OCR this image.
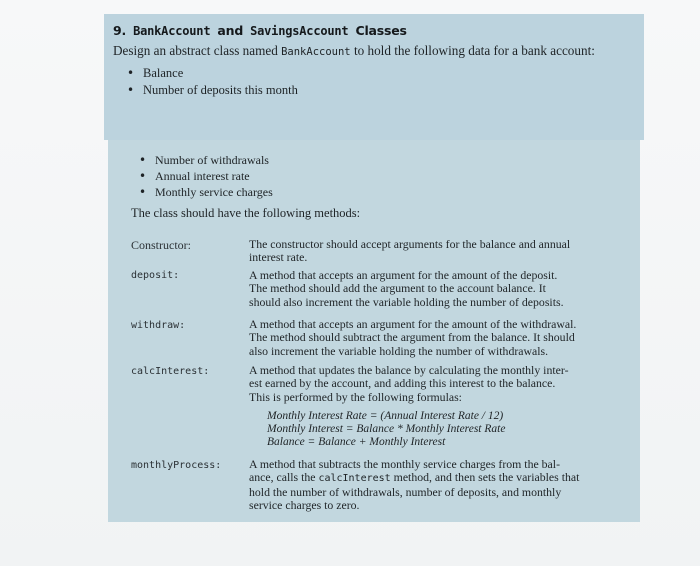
9. BankAccount and SavingsAccount Classes
Design an abstract class named BankAccount to hold the following data for a bank account:
• Balance
• Number of deposits this month
• Number of withdrawals
• Annual interest rate
• Monthly service charges
The class should have the following methods:
Constructor:	The constructor should accept arguments for the balance and annual
interest rate.
deposit:	A method that accepts an argument for the amount of the deposit.
The method should add the argument to the account balance. It
should also increment the variable holding the number of deposits.
withdraw:	A method that accepts an argument for the amount of the withdrawal.
The method should subtract the argument from the balance. It should
also increment the variable holding the number of withdrawals.
calcInterest:	A method that updates the balance by calculating the monthly inter-
est earned by the account, and adding this interest to the balance.
This is performed by the following formulas:
Monthly Interest Rate = (Annual Interest Rate / 12)
Monthly Interest = Balance * Monthly Interest Rate
Balance = Balance + Monthly Interest
monthlyProcess: A method that subtracts the monthly service charges from the bal-
ance, calls the calcInterest method, and then sets the variables that
hold the number of withdrawals, number of deposits, and monthly
service charges to zero.
